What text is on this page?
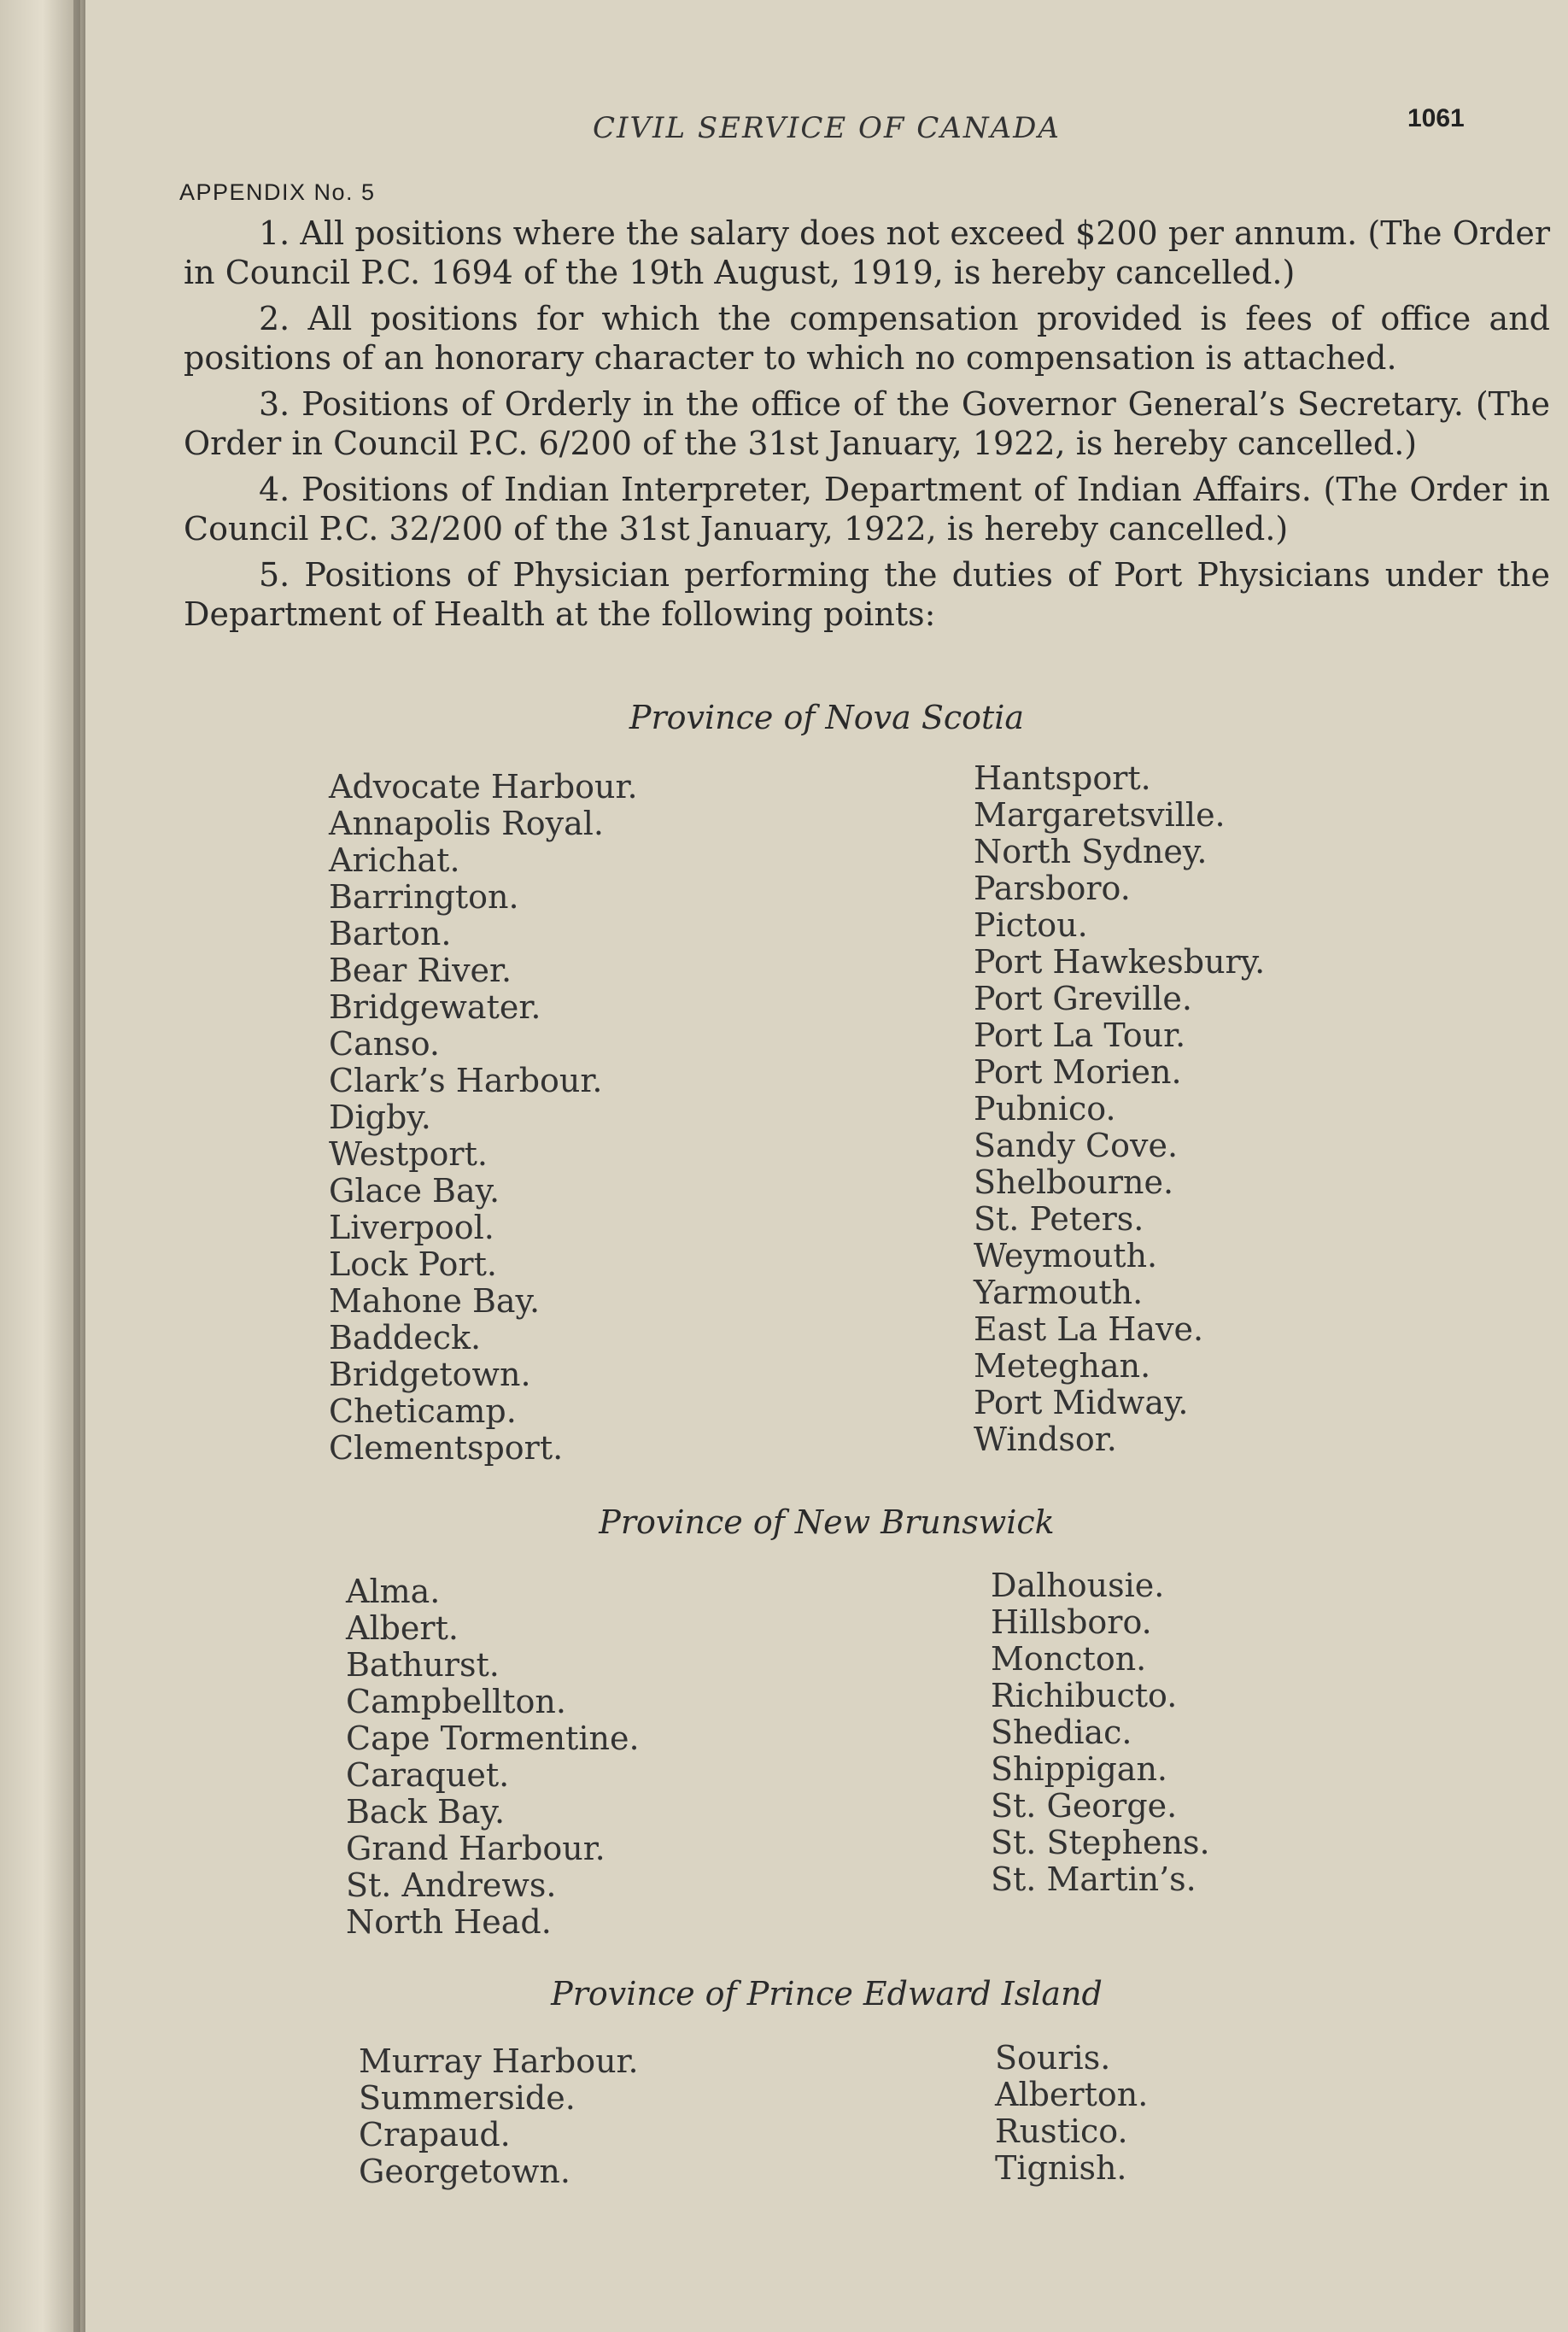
CIVIL SERVICE OF CANADA	1061
APPENDIX No. 5

1. All positions where the salary does not exceed $200 per annum. (The Order in Council P.C. 1694 of the 19th August, 1919, is hereby cancelled.)

2. All positions for which the compensation provided is fees of office and positions of an honorary character to which no compensation is attached.

3. Positions of Orderly in the office of the Governor General’s Secretary. (The Order in Council P.C. 6/200 of the 31st January, 1922, is hereby cancelled.)

4. Positions of Indian Interpreter, Department of Indian Affairs. (The Order in Council P.C. 32/200 of the 31st January, 1922, is hereby cancelled.)

5. Positions of Physician performing the duties of Port Physicians under the Department of Health at the following points:

Province of Nova Scotia
Advocate Harbour.
Annapolis Royal.
Arichat.
Barrington.
Barton.
Bear River.
Bridgewater.
Canso.
Clark’s Harbour.
Digby.
Westport.
Glace Bay.
Liverpool.
Lock Port.
Mahone Bay.
Baddeck.
Bridgetown.
Cheticamp.
Clementsport.
Hantsport.
Margaretsville.
North Sydney.
Parsboro.
Pictou.
Port Hawkesbury.
Port Greville.
Port La Tour.
Port Morien.
Pubnico.
Sandy Cove.
Shelbourne.
St. Peters.
Weymouth.
Yarmouth.
East La Have.
Meteghan.
Port Midway.
Windsor.
Province of New Brunswick
Alma.
Albert.
Bathurst.
Campbellton.
Cape Tormentine.
Caraquet.
Back Bay.
Grand Harbour.
St. Andrews.
North Head.
Dalhousie.
Hillsboro.
Moncton.
Richibucto.
Shediac.
Shippigan.
St. George.
St. Stephens.
St. Martin’s.
Province of Prince Edward Island
Murray Harbour.
Summerside.
Crapaud.
Georgetown.
Souris.
Alberton.
Rustico.
Tignish.
